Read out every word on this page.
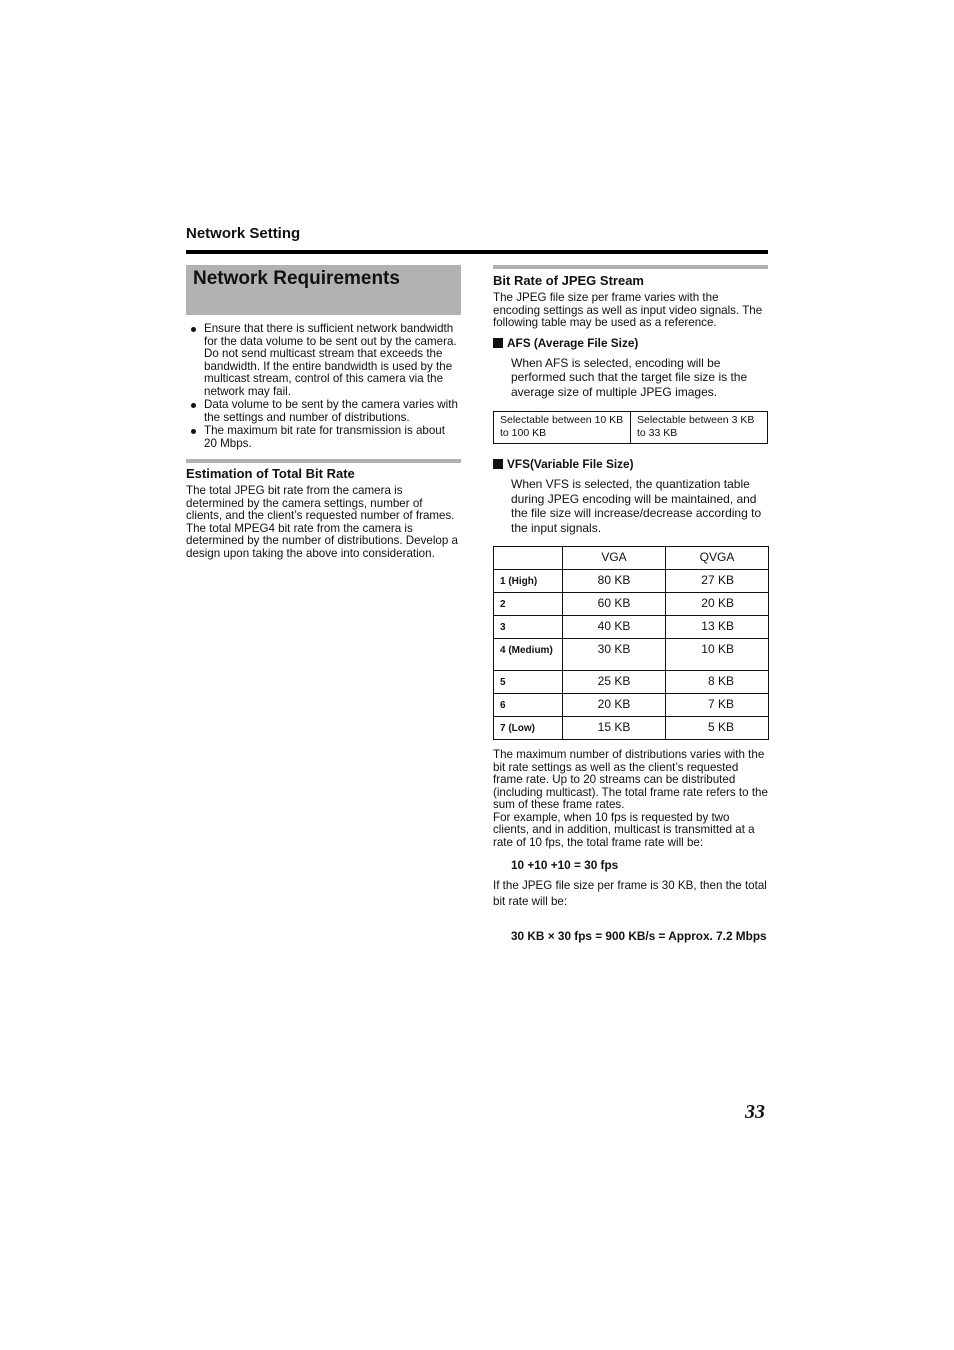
Network Setting
Network Requirements
Ensure that there is sufficient network bandwidth for the data volume to be sent out by the camera. Do not send multicast stream that exceeds the bandwidth. If the entire bandwidth is used by the multicast stream, control of this camera via the network may fail.
Data volume to be sent by the camera varies with the settings and number of distributions.
The maximum bit rate for transmission is about 20 Mbps.
Estimation of Total Bit Rate

The total JPEG bit rate from the camera is determined by the camera settings, number of clients, and the client’s requested number of frames. The total MPEG4 bit rate from the camera is determined by the number of distributions. Develop a design upon taking the above into consideration.

Bit Rate of JPEG Stream

The JPEG file size per frame varies with the encoding settings as well as input video signals. The following table may be used as a reference.

AFS (Average File Size)

When AFS is selected, encoding will be performed such that the target file size is the average size of multiple JPEG images.

Selectable between 10 KB to 100 KB	Selectable between 3 KB to 33 KB
VFS(Variable File Size)

When VFS is selected, the quantization table during JPEG encoding will be maintained, and the file size will increase/decrease according to the input signals.

	VGA	QVGA
1 (High)	80 KB	27 KB
2	60 KB	20 KB
3	40 KB	13 KB
4 (Medium)	30 KB	10 KB
5	25 KB	8 KB
6	20 KB	7 KB
7 (Low)	15 KB	5 KB

The maximum number of distributions varies with the bit rate settings as well as the client’s requested frame rate. Up to 20 streams can be distributed (including multicast). The total frame rate refers to the sum of these frame rates.

For example, when 10 fps is requested by two clients, and in addition, multicast is transmitted at a rate of 10 fps, the total frame rate will be:

10 +10 +10 = 30 fps

If the JPEG file size per frame is 30 KB, then the total bit rate will be:

30 KB × 30 fps = 900 KB/s = Approx. 7.2 Mbps

33
